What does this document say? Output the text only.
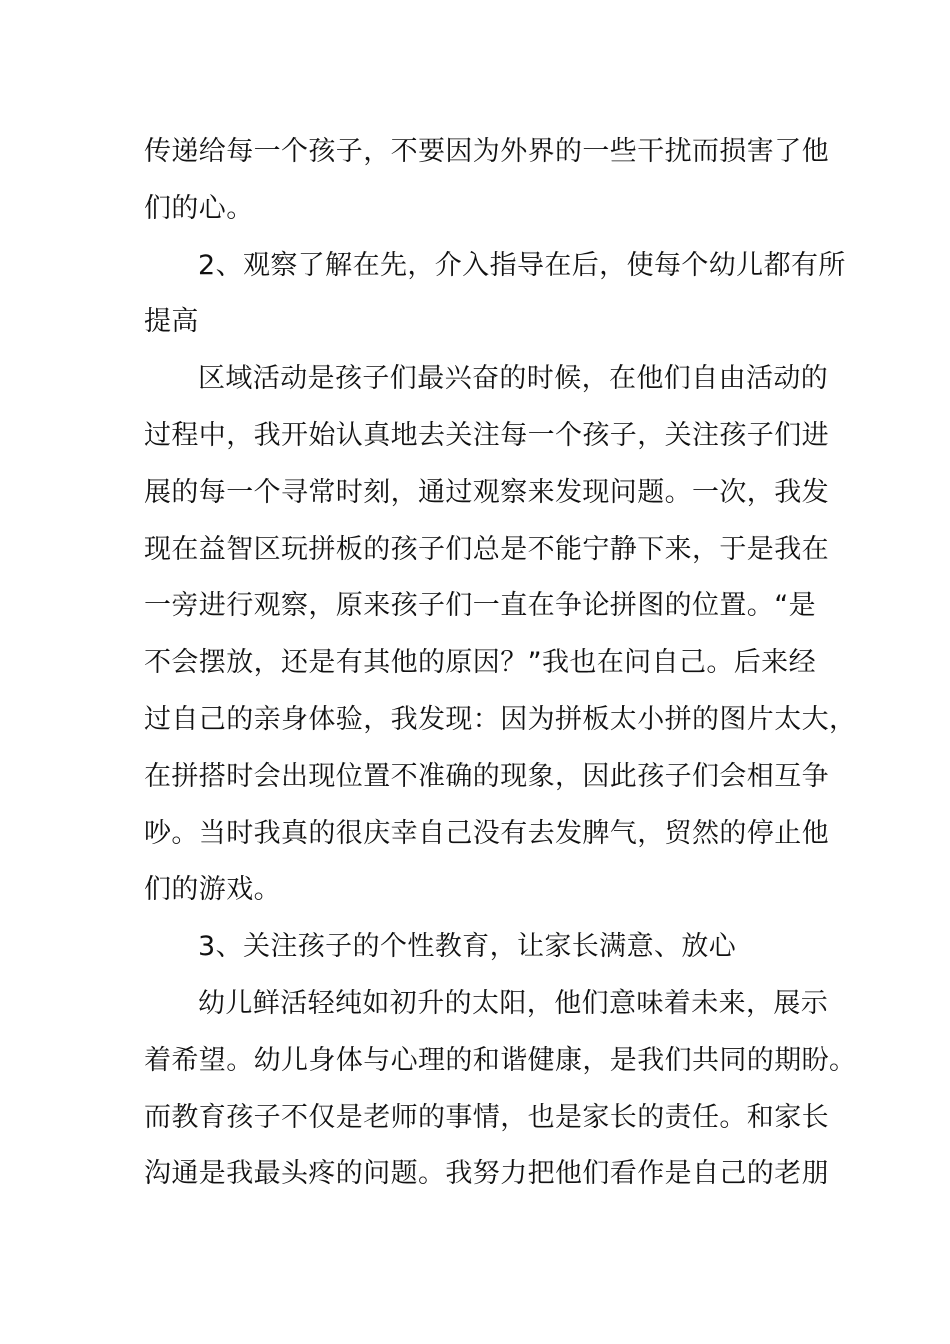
传递给每一个孩子，不要因为外界的一些干扰而损害了他
们的心。
2、观察了解在先，介入指导在后，使每个幼儿都有所
提高
区域活动是孩子们最兴奋的时候，在他们自由活动的
过程中，我开始认真地去关注每一个孩子，关注孩子们进
展的每一个寻常时刻，通过观察来发现问题。一次，我发
现在益智区玩拼板的孩子们总是不能宁静下来，于是我在
一旁进行观察，原来孩子们一直在争论拼图的位置。“是
不会摆放，还是有其他的原因？”我也在问自己。后来经
过自己的亲身体验，我发现：因为拼板太小拼的图片太大，
在拼搭时会出现位置不准确的现象，因此孩子们会相互争
吵。当时我真的很庆幸自己没有去发脾气，贸然的停止他
们的游戏。
3、关注孩子的个性教育，让家长满意、放心
幼儿鲜活轻纯如初升的太阳，他们意味着未来，展示
着希望。幼儿身体与心理的和谐健康，是我们共同的期盼。
而教育孩子不仅是老师的事情，也是家长的责任。和家长
沟通是我最头疼的问题。我努力把他们看作是自己的老朋
